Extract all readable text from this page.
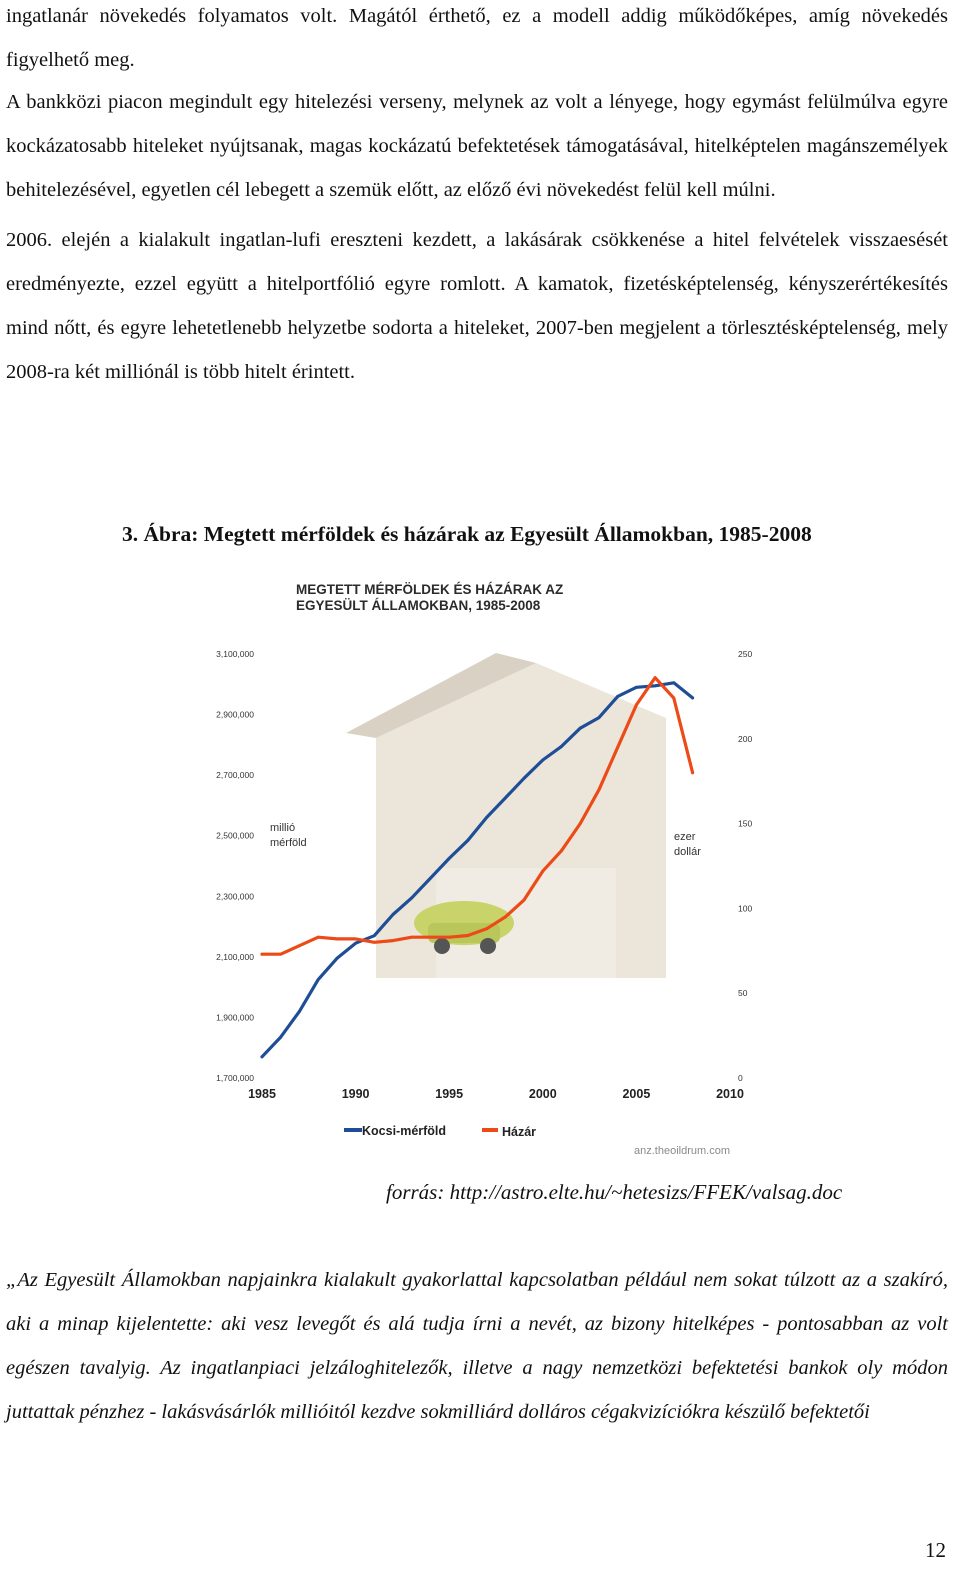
ingatlanár növekedés folyamatos volt. Magától érthető, ez a modell addig működőképes, amíg növekedés figyelhető meg.

A bankközi piacon megindult egy hitelezési verseny, melynek az volt a lényege, hogy egymást felülmúlva egyre kockázatosabb hiteleket nyújtsanak, magas kockázatú befektetések támogatásával, hitelképtelen magánszemélyek behitelezésével, egyetlen cél lebegett a szemük előtt, az előző évi növekedést felül kell múlni.

2006. elején a kialakult ingatlan-lufi ereszteni kezdett, a lakásárak csökkenése a hitel felvételek visszaesését eredményezte, ezzel együtt a hitelportfólió egyre romlott. A kamatok, fizetésképtelenség, kényszerértékesítés mind nőtt, és egyre lehetetlenebb helyzetbe sodorta a hiteleket, 2007-ben megjelent a törlesztésképtelenség, mely 2008-ra két milliónál is több hitelt érintett.

3. Ábra: Megtett mérföldek és házárak az Egyesült Államokban, 1985-2008
MEGTETT MÉRFÖLDEK ÉS HÁZÁRAK AZ
EGYESÜLT ÁLLAMOKBAN, 1985-2008
1,700,000
1,900,000
2,100,000
2,300,000
2,500,000
2,700,000
2,900,000
3,100,000
0
50
100
150
200
250
1985	1990	1995	2000	2005	2010
millió
mérföld	ezer
dollár
Kocsi-mérföld	Házár
anz.theoildrum.com
forrás: http://astro.elte.hu/~hetesizs/FFEK/valsag.doc

„Az Egyesült Államokban napjainkra kialakult gyakorlattal kapcsolatban például nem sokat túlzott az a szakíró, aki a minap kijelentette: aki vesz levegőt és alá tudja írni a nevét, az bizony hitelképes - pontosabban az volt egészen tavalyig. Az ingatlanpiaci jelzáloghitelezők, illetve a nagy nemzetközi befektetési bankok oly módon juttattak pénzhez - lakásvásárlók millióitól kezdve sokmilliárd dolláros cégakvizíciókra készülő befektetői

12
